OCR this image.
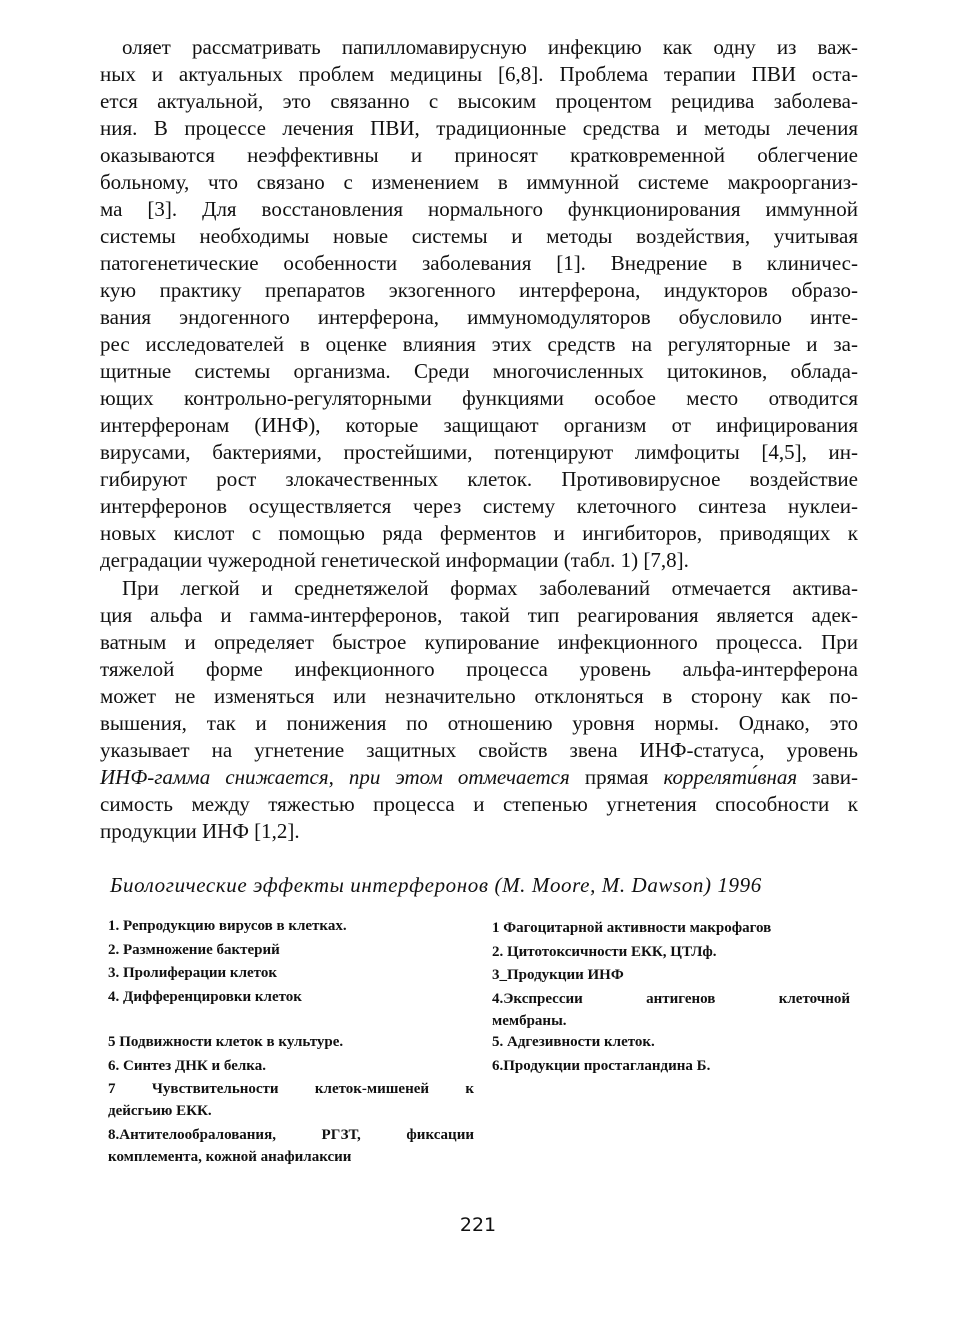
оляет рассматривать папилломавирусную инфекцию как одну из важ-
ных и актуальных проблем медицины [6,8]. Проблема терапии ПВИ оста-
ется актуальной, это связанно с высоким процентом рецидива заболева-
ния. В процессе лечения ПВИ, традиционные средства и методы лечения
оказываются неэффективны и приносят кратковременной облегчение
больному, что связано с изменением в иммунной системе макроорганиз-
ма [3]. Для восстановления нормального функционирования иммунной
системы необходимы новые системы и методы воздействия, учитывая
патогенетические особенности заболевания [1]. Внедрение в клиничес-
кую практику препаратов экзогенного интерферона, индукторов образо-
вания эндогенного интерферона, иммуномодуляторов обусловило инте-
рес исследователей в оценке влияния этих средств на регуляторные и за-
щитные системы организма. Среди многочисленных цитокинов, облада-
ющих контрольно-регуляторными функциями особое место отводится
интерферонам (ИНФ), которые защищают организм от инфицирования
вирусами, бактериями, простейшими, потенцируют лимфоциты [4,5], ин-
гибируют рост злокачественных клеток. Противовирусное воздействие
интерферонов осуществляется через систему клеточного синтеза нуклеи-
новых кислот с помощью ряда ферментов и ингибиторов, приводящих к
деградации чужеродной генетической информации (табл. 1) [7,8].
При легкой и среднетяжелой формах заболеваний отмечается актива-
ция альфа и гамма-интерферонов, такой тип реагирования является адек-
ватным и определяет быстрое купирование инфекционного процесса. При
тяжелой форме инфекционного процесса уровень альфа-интерферона
может не изменяться или незначительно отклоняться в сторону как по-
вышения, так и понижения по отношению уровня нормы. Однако, это
указывает на угнетение защитных свойств звена ИНФ-статуса, уровень
ИНФ-гамма снижается, при этом отмечается прямая корреляти́вная зави-
симость между тяжестью процесса и степенью угнетения способности к
продукции ИНФ [1,2].
Биологические эффекты интерферонов (M. Moore, M. Dawson) 1996
1. Репродукцию вирусов в клетках.
2. Размножение бактерий
3. Пролиферации клеток
4. Дифференцировки клеток
5 Подвижности клеток в культуре.
6. Синтез ДНК и белка.
7 Чувствительности клеток-мишеней к
дейсгьию ЕКК.
8.Антителообралования, РГЗТ, фиксации
комплемента, кожной анафилаксии
1 Фагоцитарной активности макрофагов
2. Цитотоксичности ЕКК, ЦТЛф.
3_Продукции ИНФ
4.Экспрессии антигенов клеточной
мембраны.
5. Адгезивности клеток.
6.Продукции простагландина Б.
221
